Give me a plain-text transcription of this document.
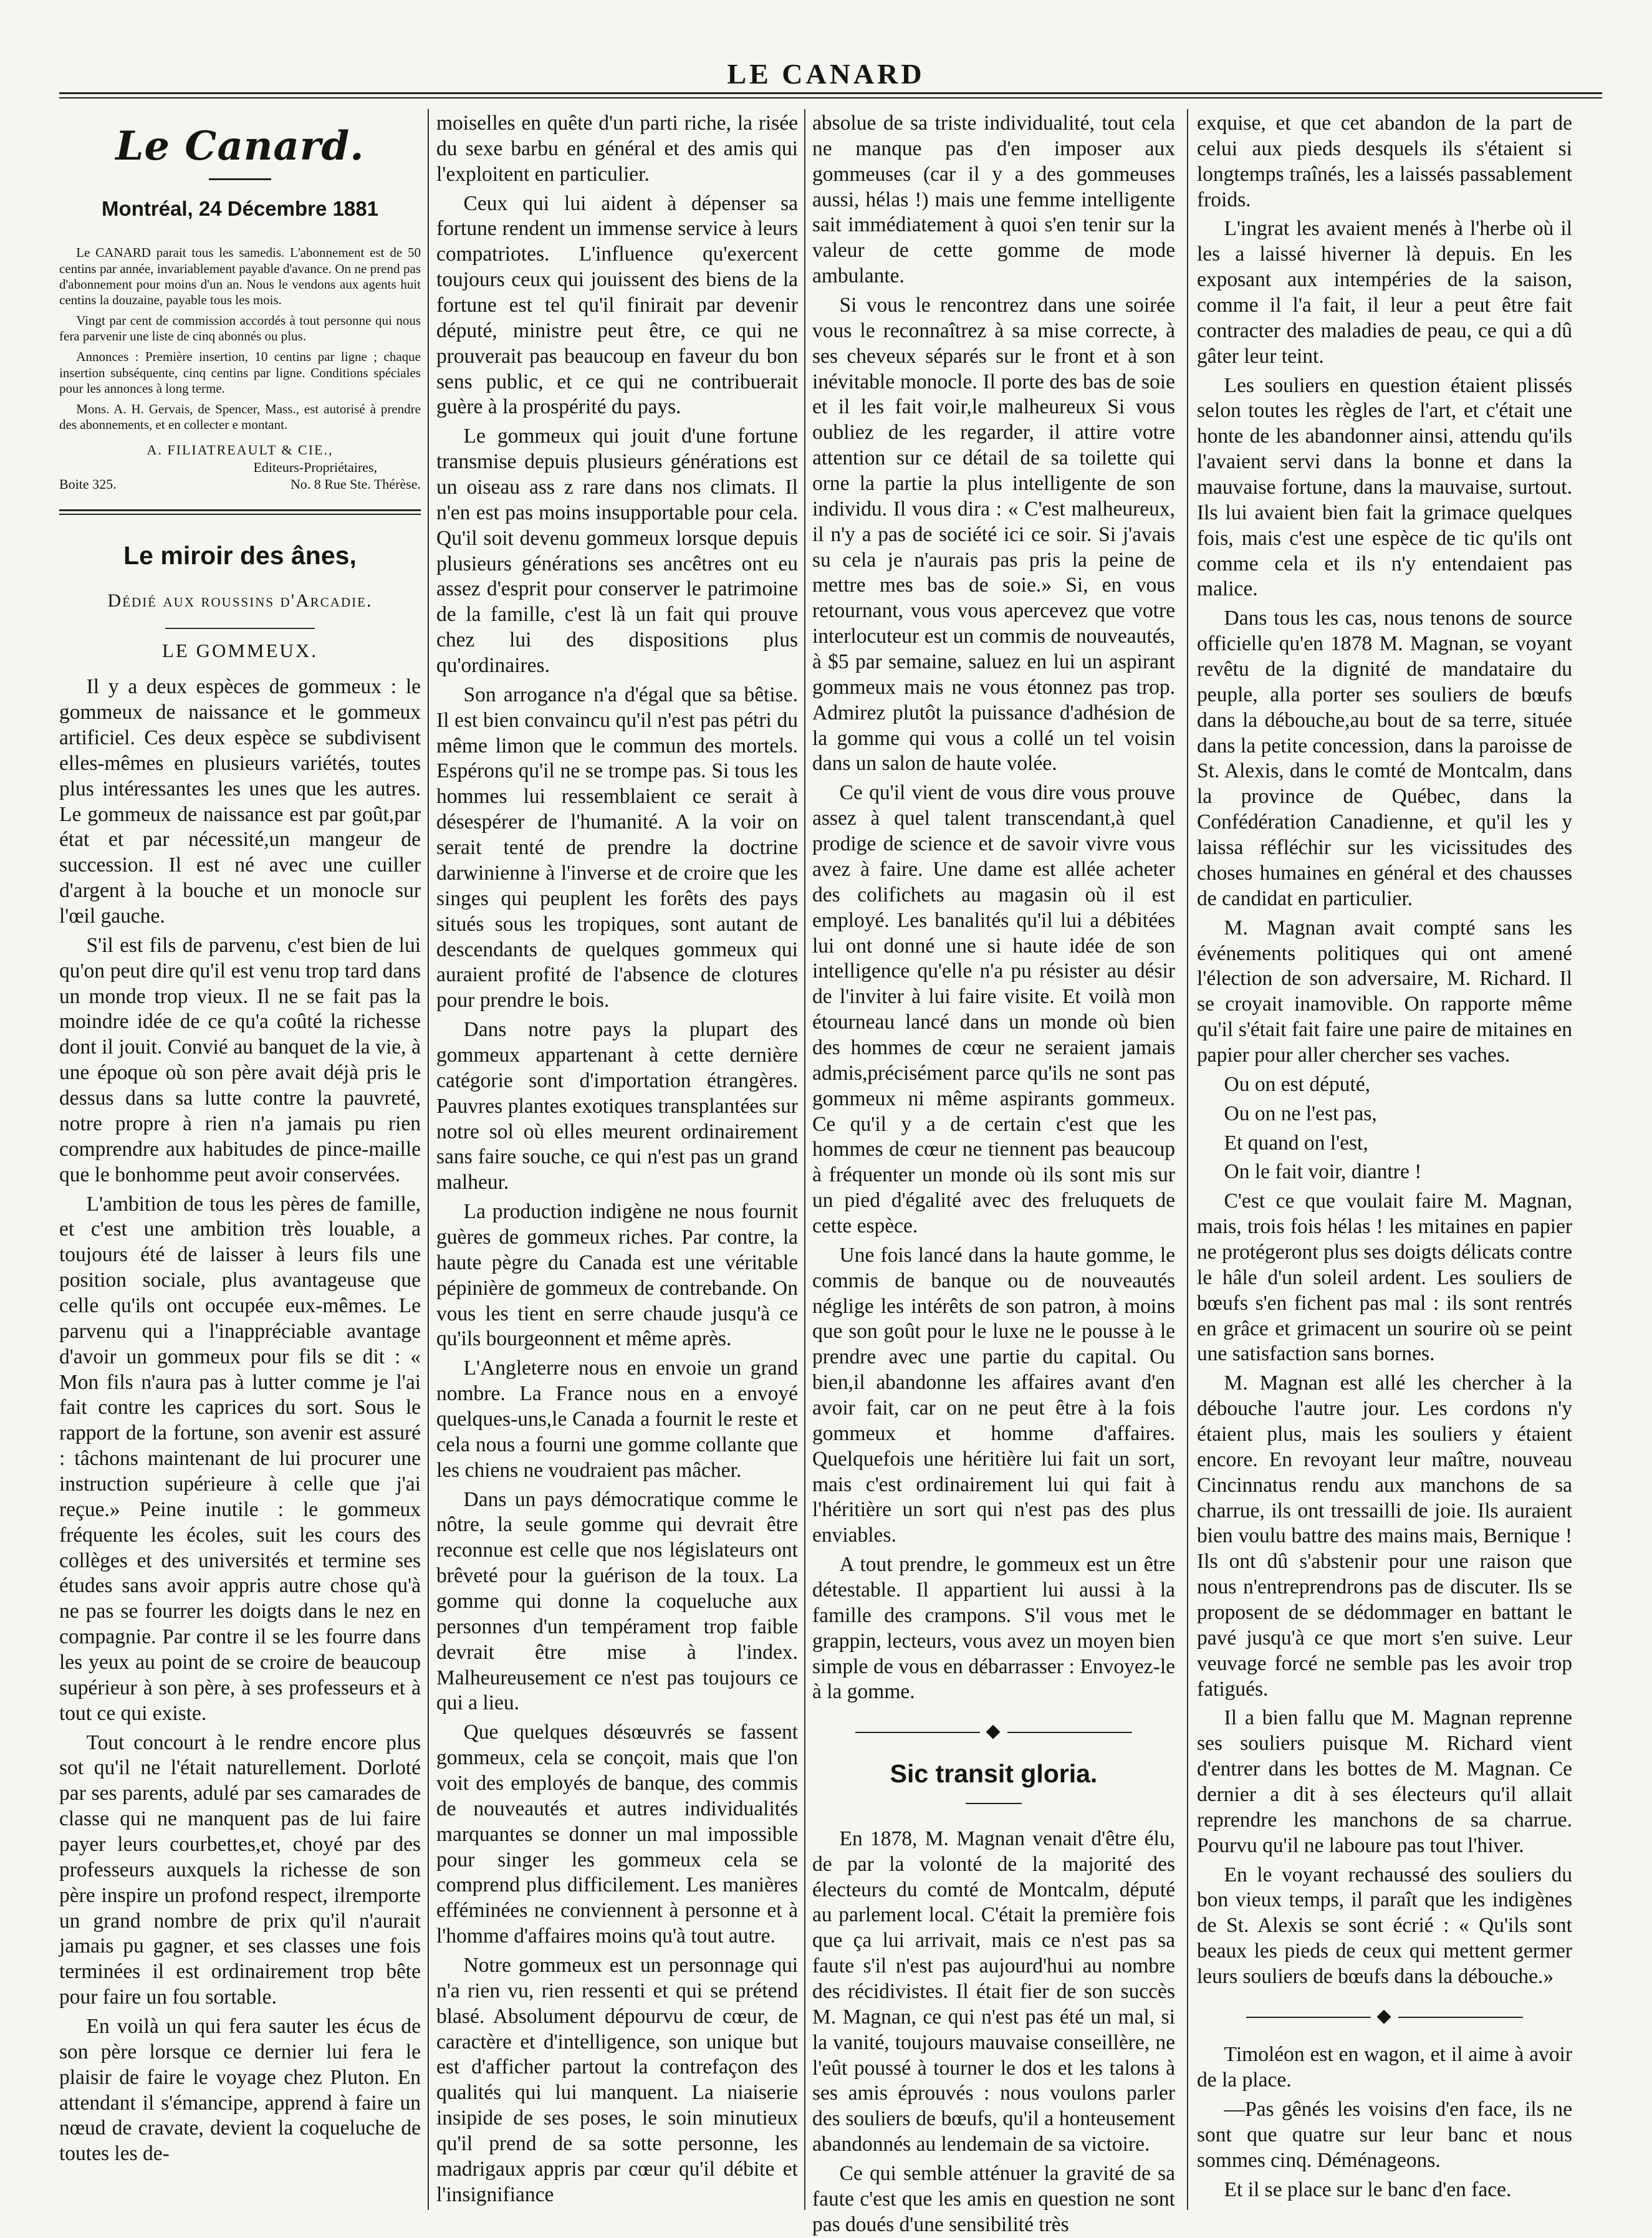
LE CANARD
Le Canard.
Montréal, 24 Décembre 1881

Le CANARD parait tous les samedis. L'abonnement est de 50 centins par année, invariablement payable d'avance. On ne prend pas d'abonnement pour moins d'un an. Nous le vendons aux agents huit centins la douzaine, payable tous les mois.

Vingt par cent de commission accordés à tout personne qui nous fera parvenir une liste de cinq abonnés ou plus.

Annonces : Première insertion, 10 centins par ligne ; chaque insertion subséquente, cinq centins par ligne. Conditions spéciales pour les annonces à long terme.

Mons. A. H. Gervais, de Spencer, Mass., est autorisé à prendre des abonnements, et en collecter e montant.

A. FILIATREAULT & CIE.,
Editeurs-Propriétaires,
Boite 325.	No. 8 Rue Ste. Thérèse.
Le miroir des ânes,
Dédié aux roussins d'Arcadie.
LE GOMMEUX.

Il y a deux espèces de gommeux : le gommeux de naissance et le gommeux artificiel. Ces deux espèce se subdivisent elles-mêmes en plusieurs variétés, toutes plus intéressantes les unes que les autres. Le gommeux de naissance est par goût,par état et par nécessité,un mangeur de succession. Il est né avec une cuiller d'argent à la bouche et un monocle sur l'œil gauche.

S'il est fils de parvenu, c'est bien de lui qu'on peut dire qu'il est venu trop tard dans un monde trop vieux. Il ne se fait pas la moindre idée de ce qu'a coûté la richesse dont il jouit. Convié au banquet de la vie, à une époque où son père avait déjà pris le dessus dans sa lutte contre la pauvreté, notre propre à rien n'a jamais pu rien comprendre aux habitudes de pince-maille que le bonhomme peut avoir conservées.

L'ambition de tous les pères de famille, et c'est une ambition très louable, a toujours été de laisser à leurs fils une position sociale, plus avantageuse que celle qu'ils ont occupée eux-mêmes. Le parvenu qui a l'inappréciable avantage d'avoir un gommeux pour fils se dit : « Mon fils n'aura pas à lutter comme je l'ai fait contre les caprices du sort. Sous le rapport de la fortune, son avenir est assuré : tâchons maintenant de lui procurer une instruction supérieure à celle que j'ai reçue.» Peine inutile : le gommeux fréquente les écoles, suit les cours des collèges et des universités et termine ses études sans avoir appris autre chose qu'à ne pas se fourrer les doigts dans le nez en compagnie. Par contre il se les fourre dans les yeux au point de se croire de beaucoup supérieur à son père, à ses professeurs et à tout ce qui existe.

Tout concourt à le rendre encore plus sot qu'il ne l'était naturellement. Dorloté par ses parents, adulé par ses camarades de classe qui ne manquent pas de lui faire payer leurs courbettes,et, choyé par des professeurs auxquels la richesse de son père inspire un profond respect, ilremporte un grand nombre de prix qu'il n'aurait jamais pu gagner, et ses classes une fois terminées il est ordinairement trop bête pour faire un fou sortable.

En voilà un qui fera sauter les écus de son père lorsque ce dernier lui fera le plaisir de faire le voyage chez Pluton. En attendant il s'émancipe, apprend à faire un nœud de cravate, devient la coqueluche de toutes les de-

moiselles en quête d'un parti riche, la risée du sexe barbu en général et des amis qui l'exploitent en particulier.

Ceux qui lui aident à dépenser sa fortune rendent un immense service à leurs compatriotes. L'influence qu'exercent toujours ceux qui jouissent des biens de la fortune est tel qu'il finirait par devenir député, ministre peut être, ce qui ne prouverait pas beaucoup en faveur du bon sens public, et ce qui ne contribuerait guère à la prospérité du pays.

Le gommeux qui jouit d'une fortune transmise depuis plusieurs générations est un oiseau ass z rare dans nos climats. Il n'en est pas moins insupportable pour cela. Qu'il soit devenu gommeux lorsque depuis plusieurs générations ses ancêtres ont eu assez d'esprit pour conserver le patrimoine de la famille, c'est là un fait qui prouve chez lui des dispositions plus qu'ordinaires.

Son arrogance n'a d'égal que sa bêtise. Il est bien convaincu qu'il n'est pas pétri du même limon que le commun des mortels. Espérons qu'il ne se trompe pas. Si tous les hommes lui ressemblaient ce serait à désespérer de l'humanité. A la voir on serait tenté de prendre la doctrine darwinienne à l'inverse et de croire que les singes qui peuplent les forêts des pays situés sous les tropiques, sont autant de descendants de quelques gommeux qui auraient profité de l'absence de clotures pour prendre le bois.

Dans notre pays la plupart des gommeux appartenant à cette dernière catégorie sont d'importation étrangères. Pauvres plantes exotiques transplantées sur notre sol où elles meurent ordinairement sans faire souche, ce qui n'est pas un grand malheur.

La production indigène ne nous fournit guères de gommeux riches. Par contre, la haute pègre du Canada est une véritable pépinière de gommeux de contrebande. On vous les tient en serre chaude jusqu'à ce qu'ils bourgeonnent et même après.

L'Angleterre nous en envoie un grand nombre. La France nous en a envoyé quelques-uns,le Canada a fournit le reste et cela nous a fourni une gomme collante que les chiens ne voudraient pas mâcher.

Dans un pays démocratique comme le nôtre, la seule gomme qui devrait être reconnue est celle que nos législateurs ont brêveté pour la guérison de la toux. La gomme qui donne la coqueluche aux personnes d'un tempérament trop faible devrait être mise à l'index. Malheureusement ce n'est pas toujours ce qui a lieu.

Que quelques désœuvrés se fassent gommeux, cela se conçoit, mais que l'on voit des employés de banque, des commis de nouveautés et autres individualités marquantes se donner un mal impossible pour singer les gommeux cela se comprend plus difficilement. Les manières efféminées ne conviennent à personne et à l'homme d'affaires moins qu'à tout autre.

Notre gommeux est un personnage qui n'a rien vu, rien ressenti et qui se prétend blasé. Absolument dépourvu de cœur, de caractère et d'intelligence, son unique but est d'afficher partout la contrefaçon des qualités qui lui manquent. La niaiserie insipide de ses poses, le soin minutieux qu'il prend de sa sotte personne, les madrigaux appris par cœur qu'il débite et l'insignifiance

absolue de sa triste individualité, tout cela ne manque pas d'en imposer aux gommeuses (car il y a des gommeuses aussi, hélas !) mais une femme intelligente sait immédiatement à quoi s'en tenir sur la valeur de cette gomme de mode ambulante.

Si vous le rencontrez dans une soirée vous le reconnaîtrez à sa mise correcte, à ses cheveux séparés sur le front et à son inévitable monocle. Il porte des bas de soie et il les fait voir,le malheureux Si vous oubliez de les regarder, il attire votre attention sur ce détail de sa toilette qui orne la partie la plus intelligente de son individu. Il vous dira : « C'est malheureux, il n'y a pas de société ici ce soir. Si j'avais su cela je n'aurais pas pris la peine de mettre mes bas de soie.» Si, en vous retournant, vous vous apercevez que votre interlocuteur est un commis de nouveautés, à $5 par semaine, saluez en lui un aspirant gommeux mais ne vous étonnez pas trop. Admirez plutôt la puissance d'adhésion de la gomme qui vous a collé un tel voisin dans un salon de haute volée.

Ce qu'il vient de vous dire vous prouve assez à quel talent transcendant,à quel prodige de science et de savoir vivre vous avez à faire. Une dame est allée acheter des colifichets au magasin où il est employé. Les banalités qu'il lui a débitées lui ont donné une si haute idée de son intelligence qu'elle n'a pu résister au désir de l'inviter à lui faire visite. Et voilà mon étourneau lancé dans un monde où bien des hommes de cœur ne seraient jamais admis,précisément parce qu'ils ne sont pas gommeux ni même aspirants gommeux. Ce qu'il y a de certain c'est que les hommes de cœur ne tiennent pas beaucoup à fréquenter un monde où ils sont mis sur un pied d'égalité avec des freluquets de cette espèce.

Une fois lancé dans la haute gomme, le commis de banque ou de nouveautés néglige les intérêts de son patron, à moins que son goût pour le luxe ne le pousse à le prendre avec une partie du capital. Ou bien,il abandonne les affaires avant d'en avoir fait, car on ne peut être à la fois gommeux et homme d'affaires. Quelquefois une héritière lui fait un sort, mais c'est ordinairement lui qui fait à l'héritière un sort qui n'est pas des plus enviables.

A tout prendre, le gommeux est un être détestable. Il appartient lui aussi à la famille des crampons. S'il vous met le grappin, lecteurs, vous avez un moyen bien simple de vous en débarrasser : Envoyez-le à la gomme.

◆
Sic transit gloria.

En 1878, M. Magnan venait d'être élu, de par la volonté de la majorité des électeurs du comté de Montcalm, député au parlement local. C'était la première fois que ça lui arrivait, mais ce n'est pas sa faute s'il n'est pas aujourd'hui au nombre des récidivistes. Il était fier de son succès M. Magnan, ce qui n'est pas été un mal, si la vanité, toujours mauvaise conseillère, ne l'eût poussé à tourner le dos et les talons à ses amis éprouvés : nous voulons parler des souliers de bœufs, qu'il a honteusement abandonnés au lendemain de sa victoire.

Ce qui semble atténuer la gravité de sa faute c'est que les amis en question ne sont pas doués d'une sensibilité très

exquise, et que cet abandon de la part de celui aux pieds desquels ils s'étaient si longtemps traînés, les a laissés passablement froids.

L'ingrat les avaient menés à l'herbe où il les a laissé hiverner là depuis. En les exposant aux intempéries de la saison, comme il l'a fait, il leur a peut être fait contracter des maladies de peau, ce qui a dû gâter leur teint.

Les souliers en question étaient plissés selon toutes les règles de l'art, et c'était une honte de les abandonner ainsi, attendu qu'ils l'avaient servi dans la bonne et dans la mauvaise fortune, dans la mauvaise, surtout. Ils lui avaient bien fait la grimace quelques fois, mais c'est une espèce de tic qu'ils ont comme cela et ils n'y entendaient pas malice.

Dans tous les cas, nous tenons de source officielle qu'en 1878 M. Magnan, se voyant revêtu de la dignité de mandataire du peuple, alla porter ses souliers de bœufs dans la débouche,au bout de sa terre, située dans la petite concession, dans la paroisse de St. Alexis, dans le comté de Montcalm, dans la province de Québec, dans la Confédération Canadienne, et qu'il les y laissa réfléchir sur les vicissitudes des choses humaines en général et des chausses de candidat en particulier.

M. Magnan avait compté sans les événements politiques qui ont amené l'élection de son adversaire, M. Richard. Il se croyait inamovible. On rapporte même qu'il s'était fait faire une paire de mitaines en papier pour aller chercher ses vaches.

Ou on est député,

Ou on ne l'est pas,

Et quand on l'est,

On le fait voir, diantre !

C'est ce que voulait faire M. Magnan, mais, trois fois hélas ! les mitaines en papier ne protégeront plus ses doigts délicats contre le hâle d'un soleil ardent. Les souliers de bœufs s'en fichent pas mal : ils sont rentrés en grâce et grimacent un sourire où se peint une satisfaction sans bornes.

M. Magnan est allé les chercher à la débouche l'autre jour. Les cordons n'y étaient plus, mais les souliers y étaient encore. En revoyant leur maître, nouveau Cincinnatus rendu aux manchons de sa charrue, ils ont tressailli de joie. Ils auraient bien voulu battre des mains mais, Bernique ! Ils ont dû s'abstenir pour une raison que nous n'entreprendrons pas de discuter. Ils se proposent de se dédommager en battant le pavé jusqu'à ce que mort s'en suive. Leur veuvage forcé ne semble pas les avoir trop fatigués.

Il a bien fallu que M. Magnan reprenne ses souliers puisque M. Richard vient d'entrer dans les bottes de M. Magnan. Ce dernier a dit à ses électeurs qu'il allait reprendre les manchons de sa charrue. Pourvu qu'il ne laboure pas tout l'hiver.

En le voyant rechaussé des souliers du bon vieux temps, il paraît que les indigènes de St. Alexis se sont écrié : « Qu'ils sont beaux les pieds de ceux qui mettent germer leurs souliers de bœufs dans la débouche.»

◆

Timoléon est en wagon, et il aime à avoir de la place.

—Pas gênés les voisins d'en face, ils ne sont que quatre sur leur banc et nous sommes cinq. Déménageons.

Et il se place sur le banc d'en face.
